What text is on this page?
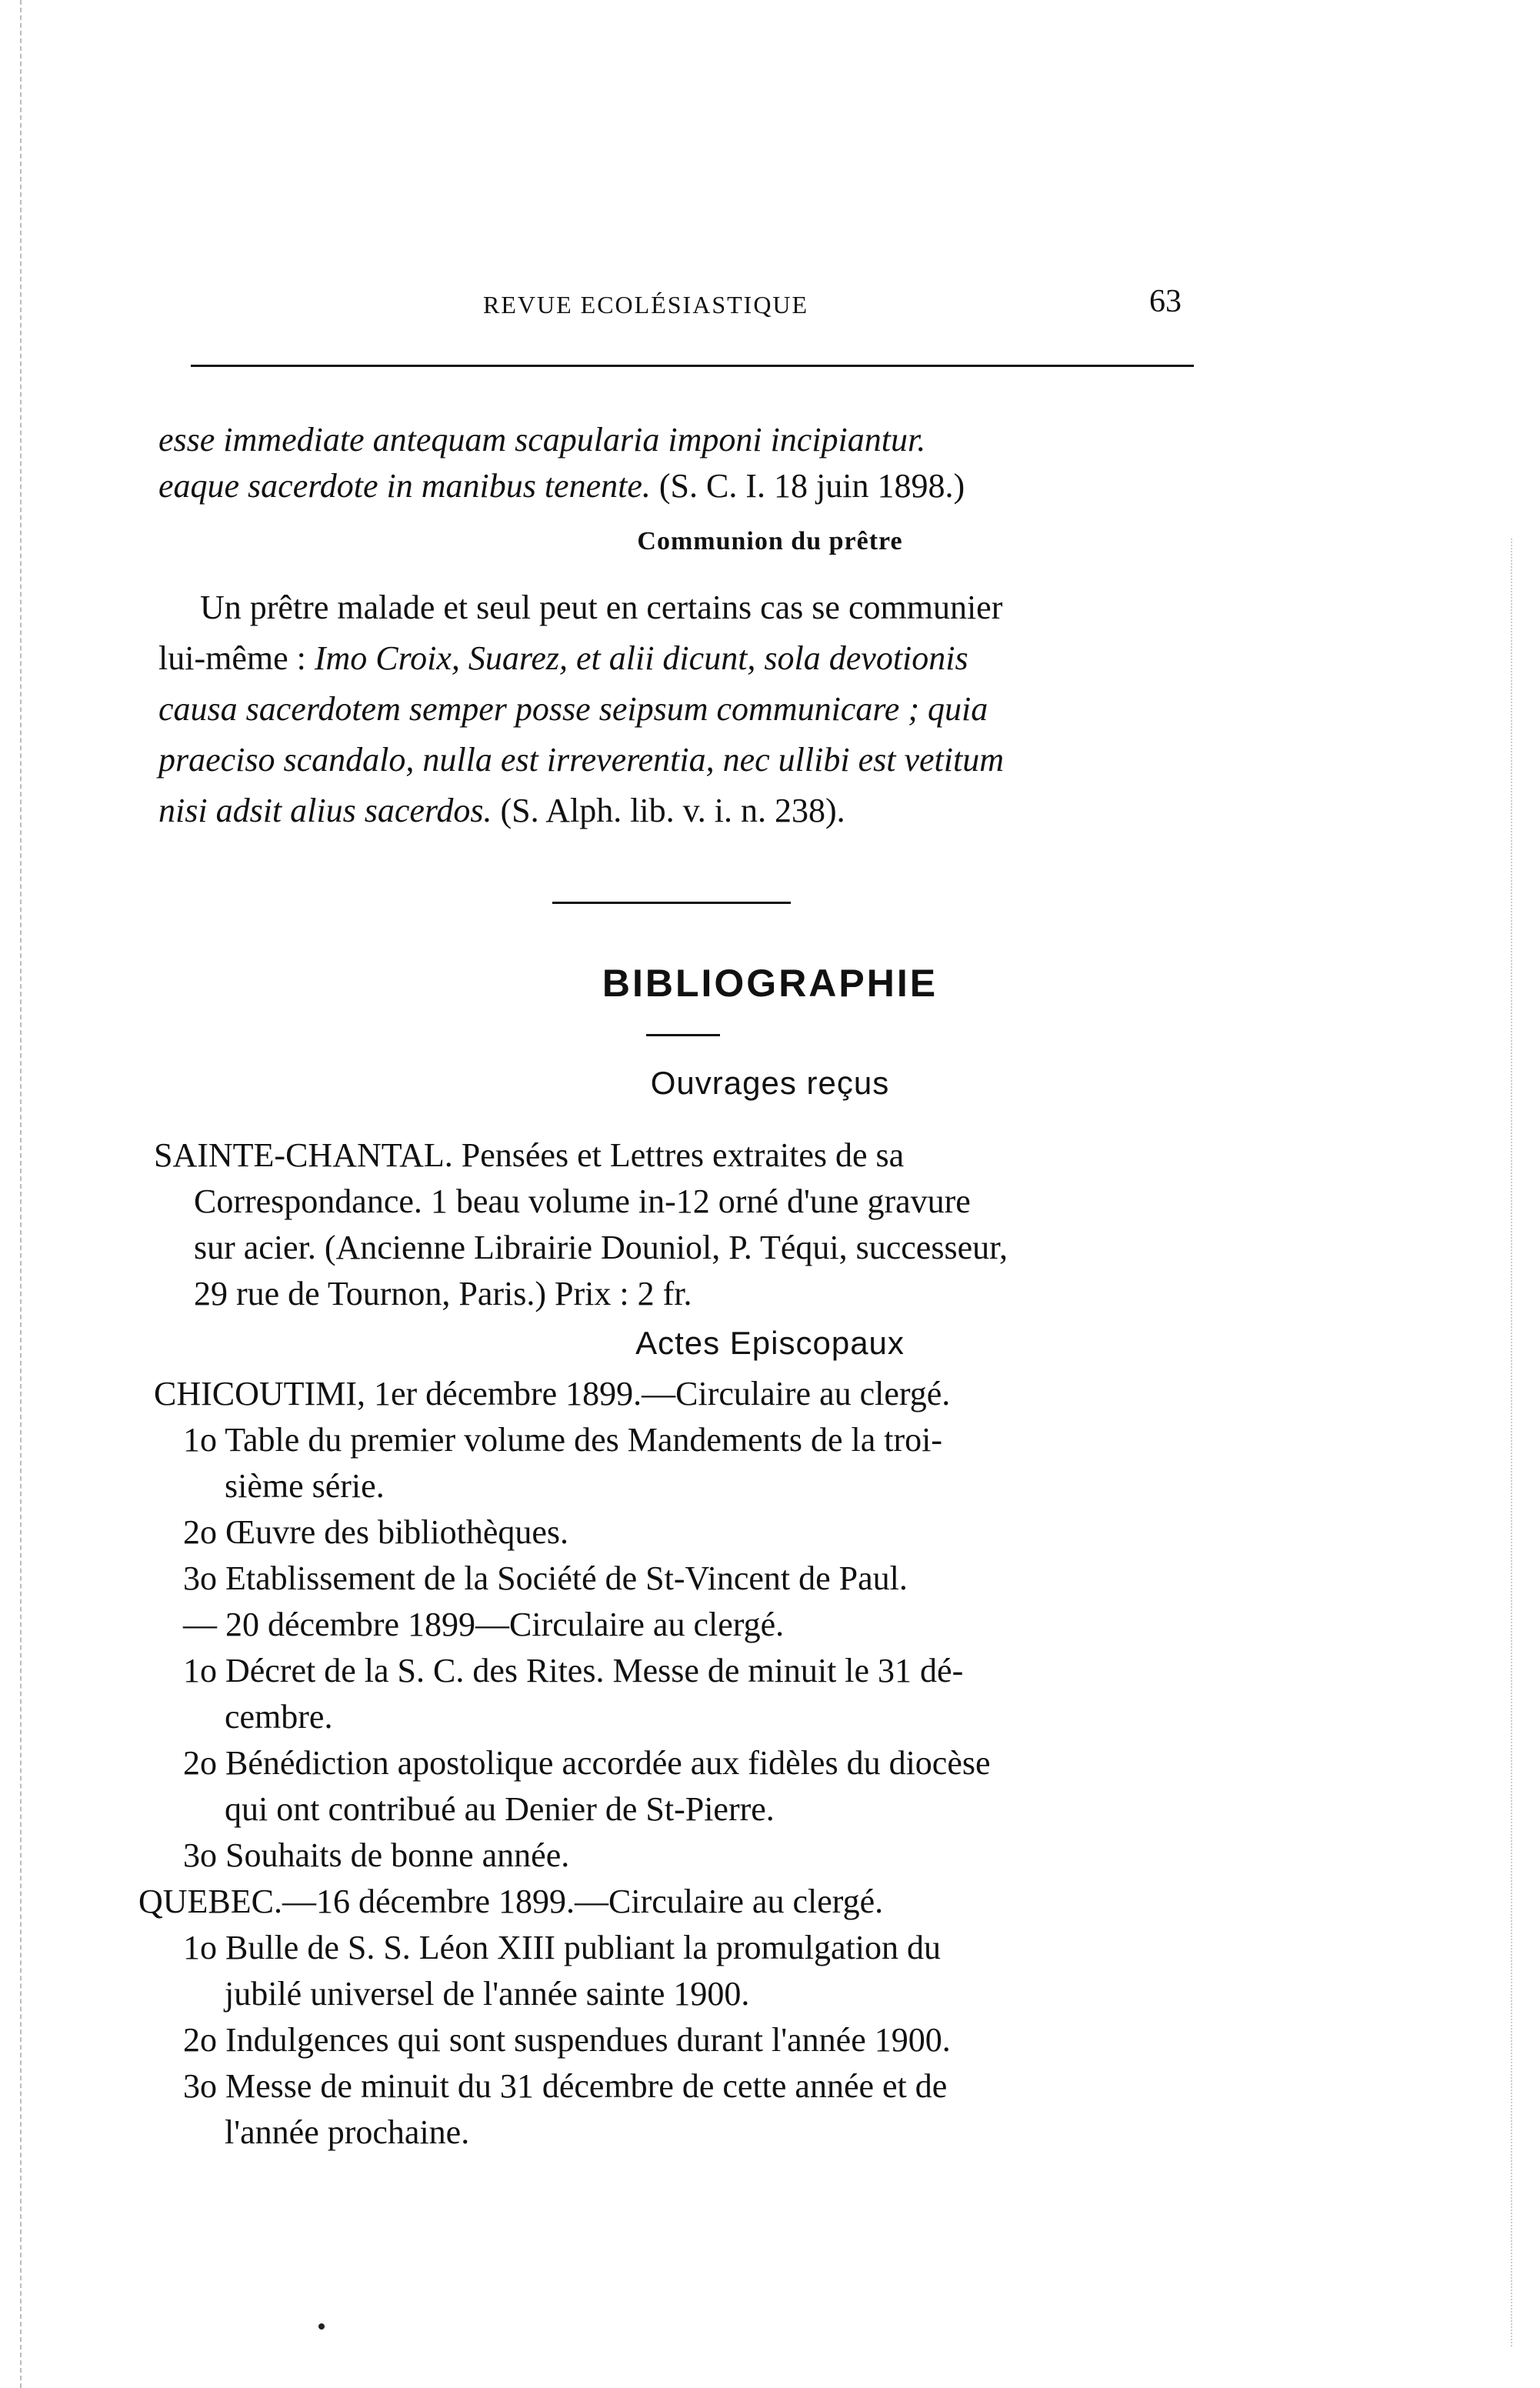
REVUE ECOLÉSIASTIQUE	63
esse immediate antequam scapularia imponi incipiantur.
eaque sacerdote in manibus tenente. (S. C. I. 18 juin 1898.)
Communion du prêtre
Un prêtre malade et seul peut en certains cas se communier
lui-même : Imo Croix, Suarez, et alii dicunt, sola devotionis
causa sacerdotem semper posse seipsum communicare ; quia
praeciso scandalo, nulla est irreverentia, nec ullibi est vetitum
nisi adsit alius sacerdos. (S. Alph. lib. v. i. n. 238).
BIBLIOGRAPHIE
Ouvrages reçus
SAINTE-CHANTAL. Pensées et Lettres extraites de sa
Correspondance. 1 beau volume in-12 orné d'une gravure
sur acier. (Ancienne Librairie Douniol, P. Téqui, successeur,
29 rue de Tournon, Paris.) Prix : 2 fr.
Actes Episcopaux
CHICOUTIMI, 1er décembre 1899.—Circulaire au clergé.
1o Table du premier volume des Mandements de la troi-
sième série.
2o Œuvre des bibliothèques.
3o Etablissement de la Société de St-Vincent de Paul.
— 20 décembre 1899—Circulaire au clergé.
1o Décret de la S. C. des Rites. Messe de minuit le 31 dé-
cembre.
2o Bénédiction apostolique accordée aux fidèles du diocèse
qui ont contribué au Denier de St-Pierre.
3o Souhaits de bonne année.
QUEBEC.—16 décembre 1899.—Circulaire au clergé.
1o Bulle de S. S. Léon XIII publiant la promulgation du
jubilé universel de l'année sainte 1900.
2o Indulgences qui sont suspendues durant l'année 1900.
3o Messe de minuit du 31 décembre de cette année et de
l'année prochaine.
